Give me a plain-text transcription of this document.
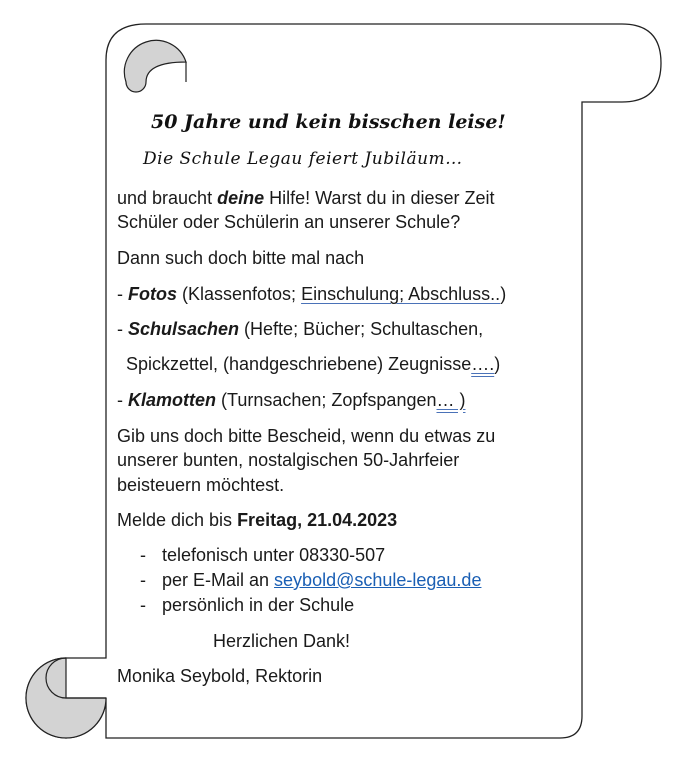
50 Jahre und kein bisschen leise!
Die Schule Legau feiert Jubiläum…
und braucht deine Hilfe! Warst du in dieser Zeit
Schüler oder Schülerin an unserer Schule?
Dann such doch bitte mal nach
- Fotos (Klassenfotos; Einschulung; Abschluss..)
- Schulsachen (Hefte; Bücher; Schultaschen,
Spickzettel, (handgeschriebene) Zeugnisse….)
- Klamotten (Turnsachen; Zopfspangen… )
Gib uns doch bitte Bescheid, wenn du etwas zu
unserer bunten, nostalgischen 50-Jahrfeier
beisteuern möchtest.
Melde dich bis Freitag, 21.04.2023
- telefonisch unter 08330-507
- per E-Mail an seybold@schule-legau.de
- persönlich in der Schule
Herzlichen Dank!
Monika Seybold, Rektorin
